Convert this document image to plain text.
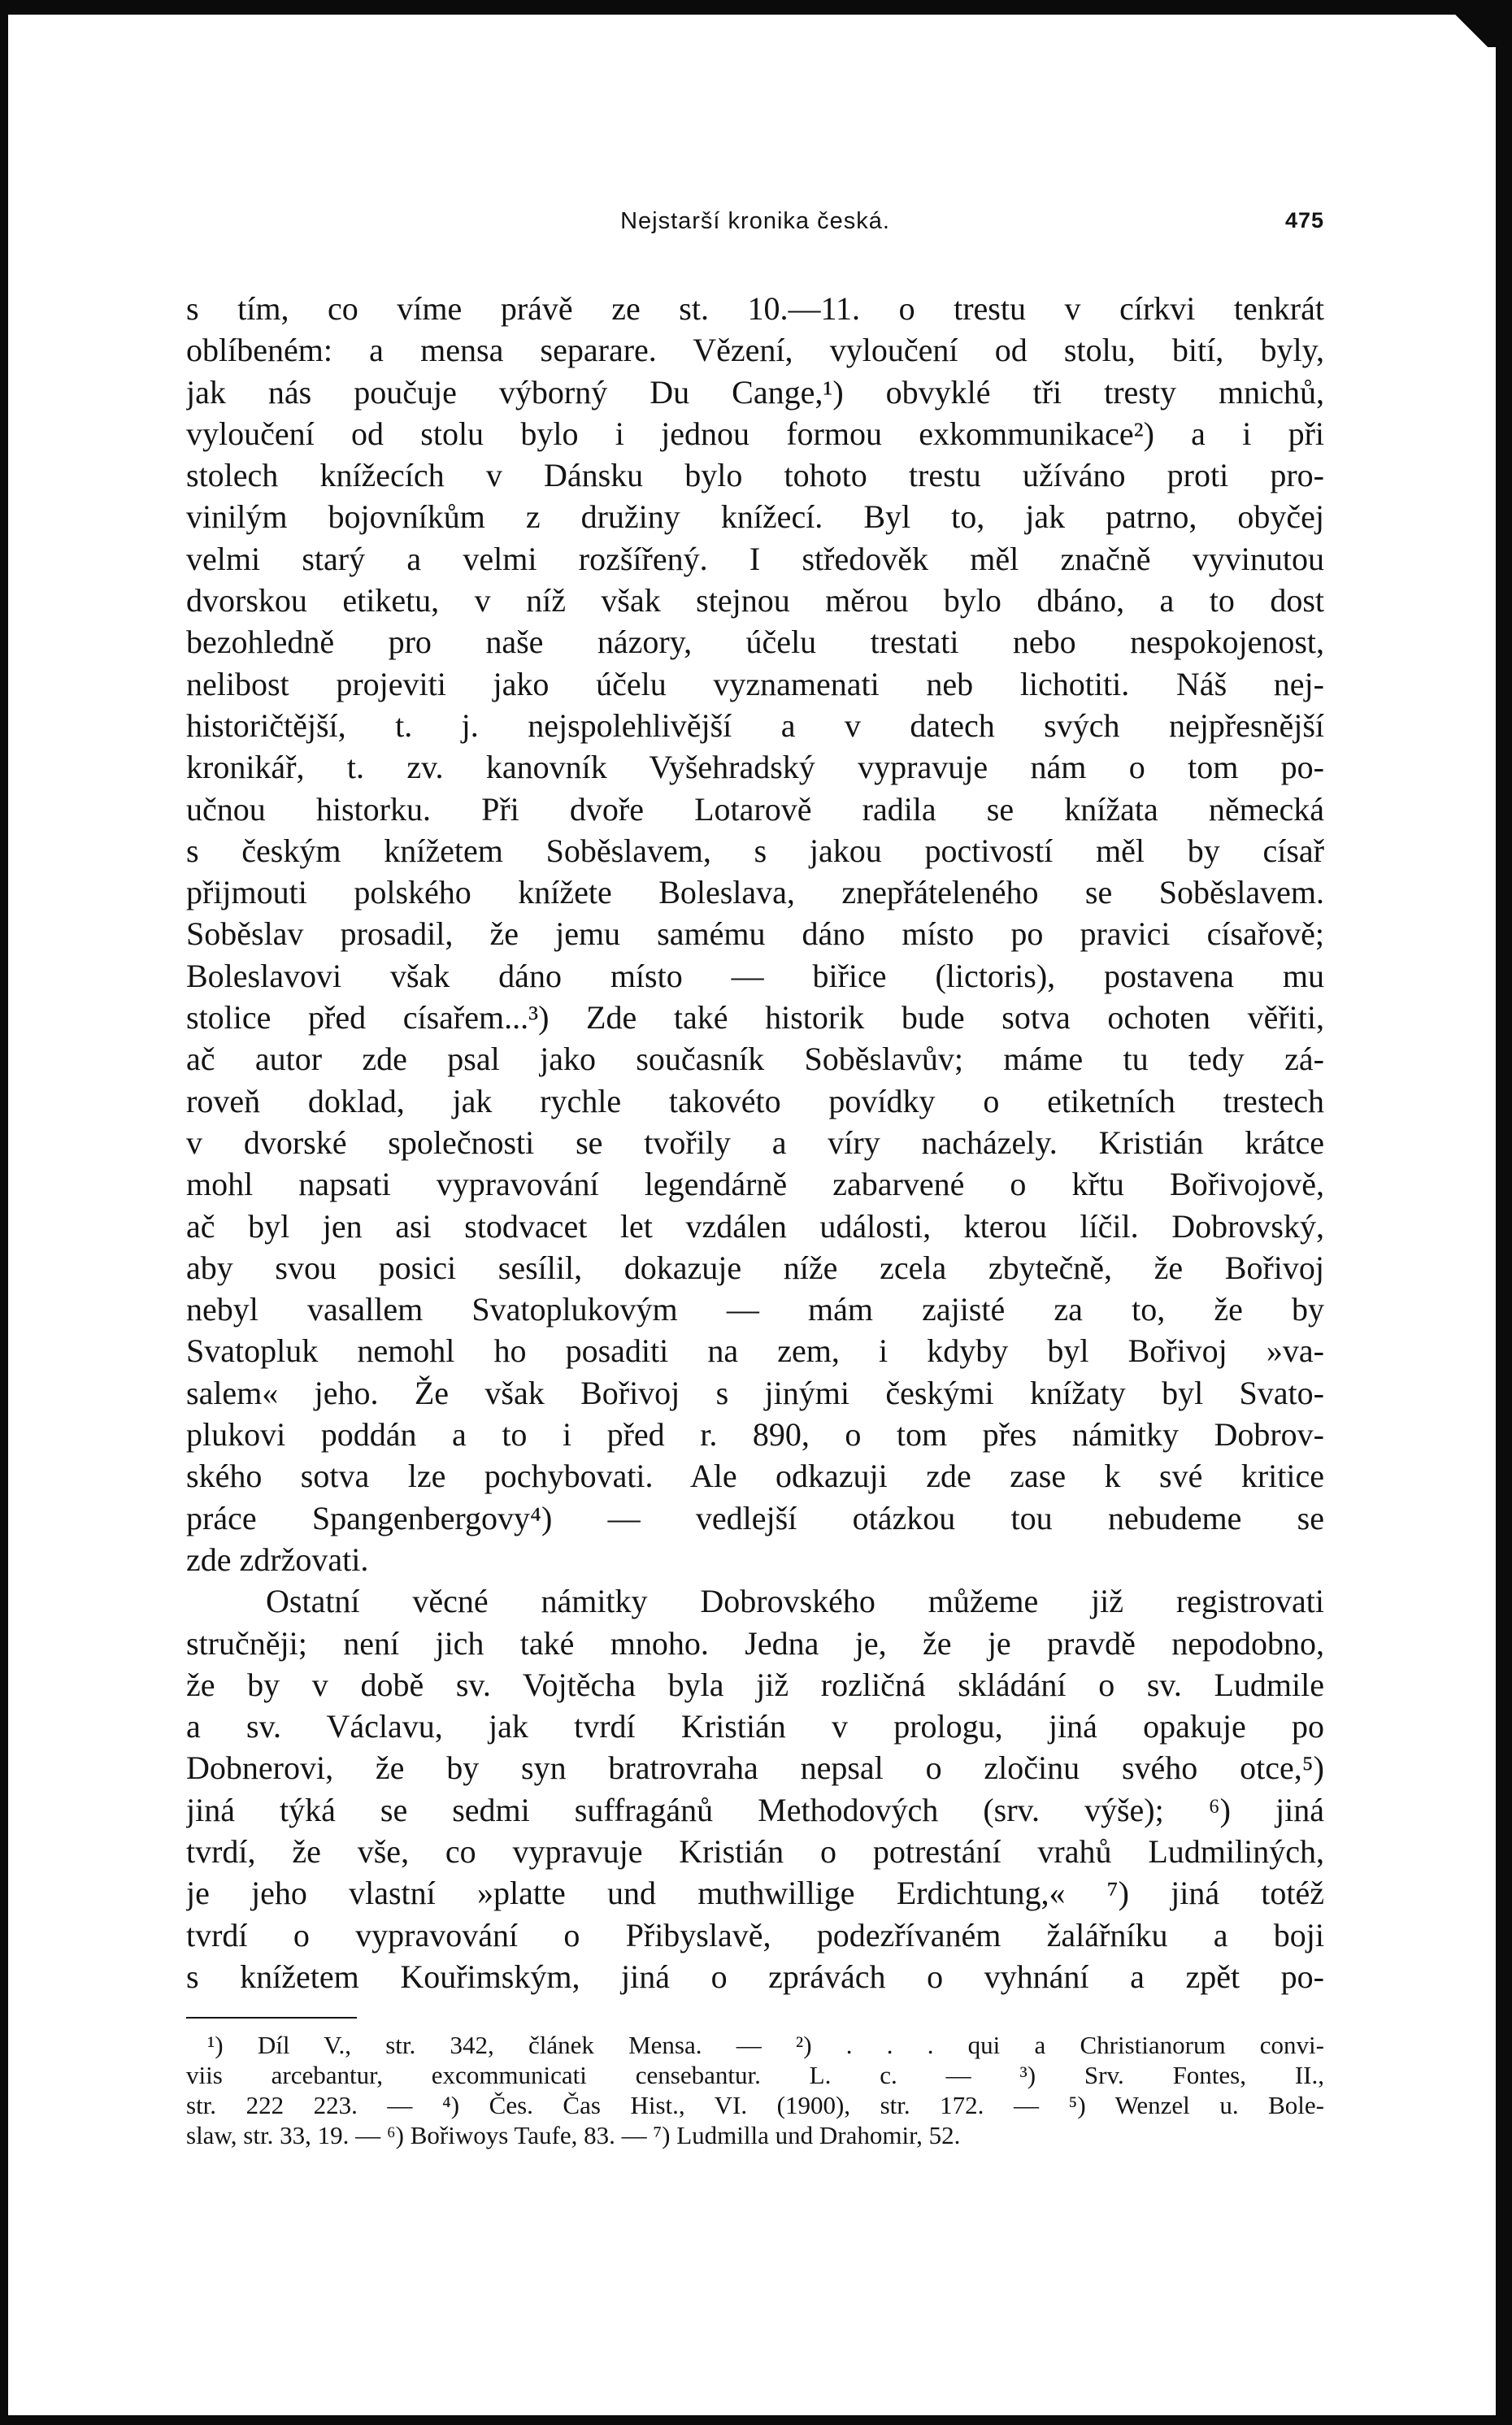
Nejstarší kronika česká.	475
s tím, co víme právě ze st. 10.—11. o trestu v církvi tenkrát
oblíbeném: a mensa separare. Vězení, vyloučení od stolu, bití, byly,
jak nás poučuje výborný Du Cange,¹) obvyklé tři tresty mnichů,
vyloučení od stolu bylo i jednou formou exkommunikace²) a i při
stolech knížecích v Dánsku bylo tohoto trestu užíváno proti pro-
vinilým bojovníkům z družiny knížecí. Byl to, jak patrno, obyčej
velmi starý a velmi rozšířený. I středověk měl značně vyvinutou
dvorskou etiketu, v níž však stejnou měrou bylo dbáno, a to dost
bezohledně pro naše názory, účelu trestati nebo nespokojenost,
nelibost projeviti jako účelu vyznamenati neb lichotiti. Náš nej-
historičtější, t. j. nejspolehlivější a v datech svých nejpřesnější
kronikář, t. zv. kanovník Vyšehradský vypravuje nám o tom po-
učnou historku. Při dvoře Lotarově radila se knížata německá
s českým knížetem Soběslavem, s jakou poctivostí měl by císař
přijmouti polského knížete Boleslava, znepřáteleného se Soběslavem.
Soběslav prosadil, že jemu samému dáno místo po pravici císařově;
Boleslavovi však dáno místo — biřice (lictoris), postavena mu
stolice před císařem...³) Zde také historik bude sotva ochoten věřiti,
ač autor zde psal jako současník Soběslavův; máme tu tedy zá-
roveň doklad, jak rychle takovéto povídky o etiketních trestech
v dvorské společnosti se tvořily a víry nacházely. Kristián krátce
mohl napsati vypravování legendárně zabarvené o křtu Bořivojově,
ač byl jen asi stodvacet let vzdálen události, kterou líčil. Dobrovský,
aby svou posici sesílil, dokazuje níže zcela zbytečně, že Bořivoj
nebyl vasallem Svatoplukovým — mám zajisté za to, že by
Svatopluk nemohl ho posaditi na zem, i kdyby byl Bořivoj »va-
salem« jeho. Že však Bořivoj s jinými českými knížaty byl Svato-
plukovi poddán a to i před r. 890, o tom přes námitky Dobrov-
ského sotva lze pochybovati. Ale odkazuji zde zase k své kritice
práce Spangenbergovy⁴) — vedlejší otázkou tou nebudeme se
zde zdržovati.
Ostatní věcné námitky Dobrovského můžeme již registrovati
stručněji; není jich také mnoho. Jedna je, že je pravdě nepodobno,
že by v době sv. Vojtěcha byla již rozličná skládání o sv. Ludmile
a sv. Václavu, jak tvrdí Kristián v prologu, jiná opakuje po
Dobnerovi, že by syn bratrovraha nepsal o zločinu svého otce,⁵)
jiná týká se sedmi suffragánů Methodových (srv. výše); ⁶) jiná
tvrdí, že vše, co vypravuje Kristián o potrestání vrahů Ludmiliných,
je jeho vlastní »platte und muthwillige Erdichtung,« ⁷) jiná totéž
tvrdí o vypravování o Přibyslavě, podezřívaném žalářníku a boji
s knížetem Kouřimským, jiná o zprávách o vyhnání a zpět po-
¹) Díl V., str. 342, článek Mensa. — ²) . . . qui a Christianorum convi-
viis arcebantur, excommunicati censebantur. L. c. — ³) Srv. Fontes, II.,
str. 222 223. — ⁴) Čes. Čas Hist., VI. (1900), str. 172. — ⁵) Wenzel u. Bole-
slaw, str. 33, 19. — ⁶) Bořiwoys Taufe, 83. — ⁷) Ludmilla und Drahomir, 52.
